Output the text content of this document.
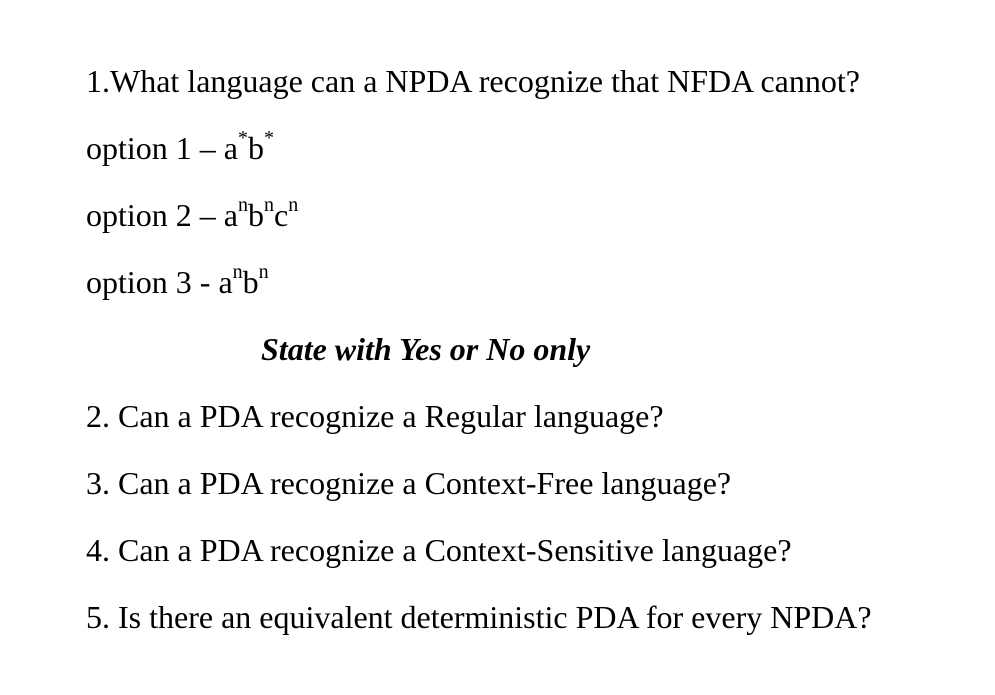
1.What language can a NPDA recognize that NFDA cannot?
option 1 – a*b*
option $2 - a^nb^nc^n$
option $3 - a^nb^n$
State with Yes or No only
2. Can a PDA recognize a Regular language?
3. Can a PDA recognize a Context-Free language?
4. Can a PDA recognize a Context-Sensitive language?
5. Is there an equivalent deterministic PDA for every NPDA?
